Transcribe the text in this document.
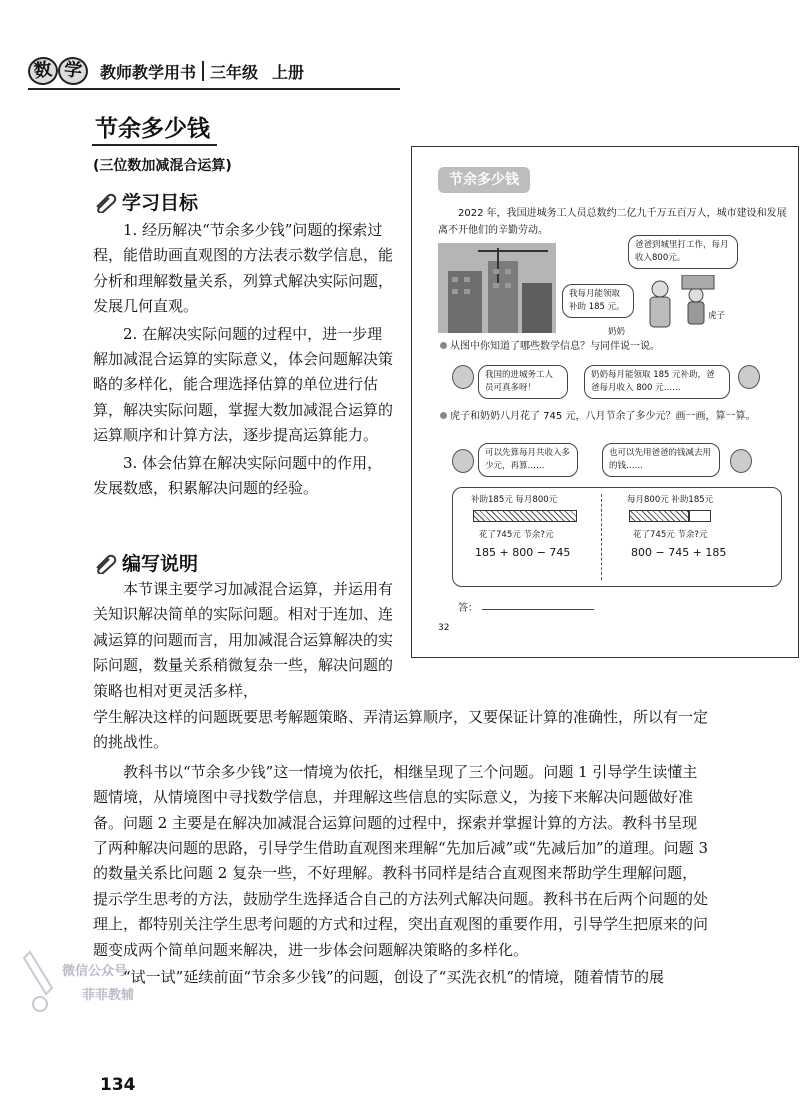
数 学	教师教学用书 三年级 上册
节余多少钱
(三位数加减混合运算)
学习目标

1. 经历解决“节余多少钱”问题的探索过程，能借助画直观图的方法表示数学信息，能分析和理解数量关系，列算式解决实际问题，发展几何直观。

2. 在解决实际问题的过程中，进一步理解加减混合运算的实际意义，体会问题解决策略的多样化，能合理选择估算的单位进行估算，解决实际问题，掌握大数加减混合运算的运算顺序和计算方法，逐步提高运算能力。

3. 体会估算在解决实际问题中的作用，发展数感，积累解决问题的经验。

编写说明

本节课主要学习加减混合运算，并运用有关知识解决简单的实际问题。相对于连加、连减运算的问题而言，用加减混合运算解决的实际问题，数量关系稍微复杂一些，解决问题的策略也相对更灵活多样，

学生解决这样的问题既要思考解题策略、弄清运算顺序，又要保证计算的准确性，所以有一定的挑战性。

教科书以“节余多少钱”这一情境为依托，相继呈现了三个问题。问题 1 引导学生读懂主题情境，从情境图中寻找数学信息，并理解这些信息的实际意义，为接下来解决问题做好准备。问题 2 主要是在解决加减混合运算问题的过程中，探索并掌握计算的方法。教科书呈现了两种解决问题的思路，引导学生借助直观图来理解“先加后减”或“先减后加”的道理。问题 3 的数量关系比问题 2 复杂一些，不好理解。教科书同样是结合直观图来帮助学生理解问题，提示学生思考的方法，鼓励学生选择适合自己的方法列式解决问题。教科书在后两个问题的处理上，都特别关注学生思考问题的方式和过程，突出直观图的重要作用，引导学生把原来的问题变成两个简单问题来解决，进一步体会问题解决策略的多样化。

“试一试”延续前面“节余多少钱”的问题，创设了“买洗衣机”的情境，随着情节的展

节余多少钱
2022 年，我国进城务工人员总数约二亿九千万五百万人，城市建设和发展离不开他们的辛勤劳动。
爸爸到城里打工作，每月收入800元。
我每月能领取补助 185 元。
奶奶
虎子
从图中你知道了哪些数学信息？与同伴说一说。
我国的进城务工人员可真多呀！
奶奶每月能领取 185 元补助，爸爸每月收入 800 元……
虎子和奶奶八月花了 745 元，八月节余了多少元？画一画，算一算。
可以先算每月共收入多少元，再算……
也可以先用爸爸的钱减去用的钱……
补助185元 每月800元
花了745元 节余?元
185 + 800 − 745
每月800元 补助185元
花了745元 节余?元
800 − 745 + 185
答：
32
微信公众号
菲菲教辅
134
